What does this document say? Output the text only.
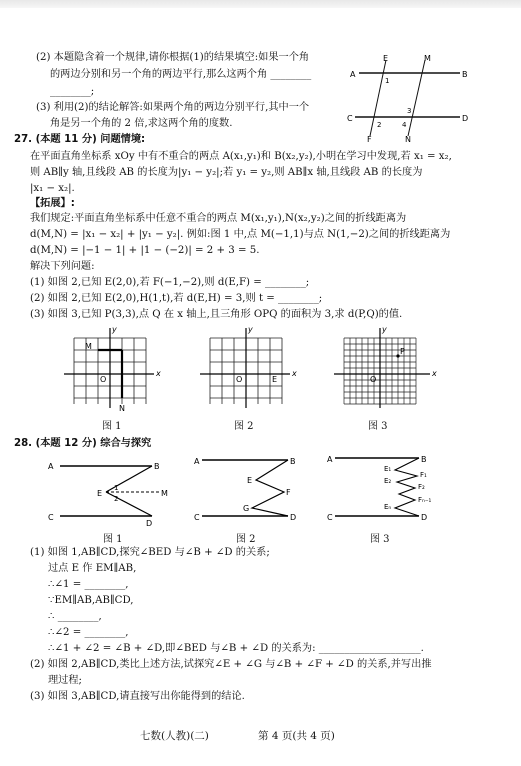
(2) 本题隐含着一个规律,请你根据(1)的结果填空:如果一个角
的两边分别和另一个角的两边平行,那么这两个角 ________
________;
(3) 利用(2)的结论解答:如果两个角的两边分别平行,其中一个
角是另一个角的 2 倍,求这两个角的度数.
E	M
A	B
C	D
F	N
1
2
3
4
27. (本题 11 分) 问题情境:
在平面直角坐标系 xOy 中有不重合的两点 A(x₁,y₁)和 B(x₂,y₂),小明在学习中发现,若 x₁ = x₂,
则 AB∥y 轴,且线段 AB 的长度为|y₁ − y₂|;若 y₁ = y₂,则 AB∥x 轴,且线段 AB 的长度为
|x₁ − x₂|.
【拓展】:
我们规定:平面直角坐标系中任意不重合的两点 M(x₁,y₁),N(x₂,y₂)之间的折线距离为
d(M,N) = |x₁ − x₂| + |y₁ − y₂|. 例如:图 1 中,点 M(−1,1)与点 N(1,−2)之间的折线距离为
d(M,N) = |−1 − 1| + |1 − (−2)| = 2 + 3 = 5.
解决下列问题:
(1) 如图 2,已知 E(2,0),若 F(−1,−2),则 d(E,F) = ________;
(2) 如图 2,已知 E(2,0),H(1,t),若 d(E,H) = 3,则 t = ________;
(3) 如图 3,已知 P(3,3),点 Q 在 x 轴上,且三角形 OPQ 的面积为 3,求 d(P,Q)的值.
y
x
O
M
N
图 1
y
x
O	E
图 2
y
x
O
P
图 3
28. (本题 12 分) 综合与探究
A	B
C
D
E	M
1
2
图 1
A	B
C	D
E
F
G
图 2
A	B
C	D
E₁
E₂
Eₙ
F₁
F₂
Fₙ₋₁
图 3
(1) 如图 1,AB∥CD,探究∠BED 与∠B + ∠D 的关系;
过点 E 作 EM∥AB,
∴∠1 = ________,
∵EM∥AB,AB∥CD,
∴ ________,
∴∠2 = ________,
∴∠1 + ∠2 = ∠B + ∠D,即∠BED 与∠B + ∠D 的关系为: ____________________.
(2) 如图 2,AB∥CD,类比上述方法,试探究∠E + ∠G 与∠B + ∠F + ∠D 的关系,并写出推
理过程;
(3) 如图 3,AB∥CD,请直接写出你能得到的结论.
七数(人教)(二)	第 4 页(共 4 页)
